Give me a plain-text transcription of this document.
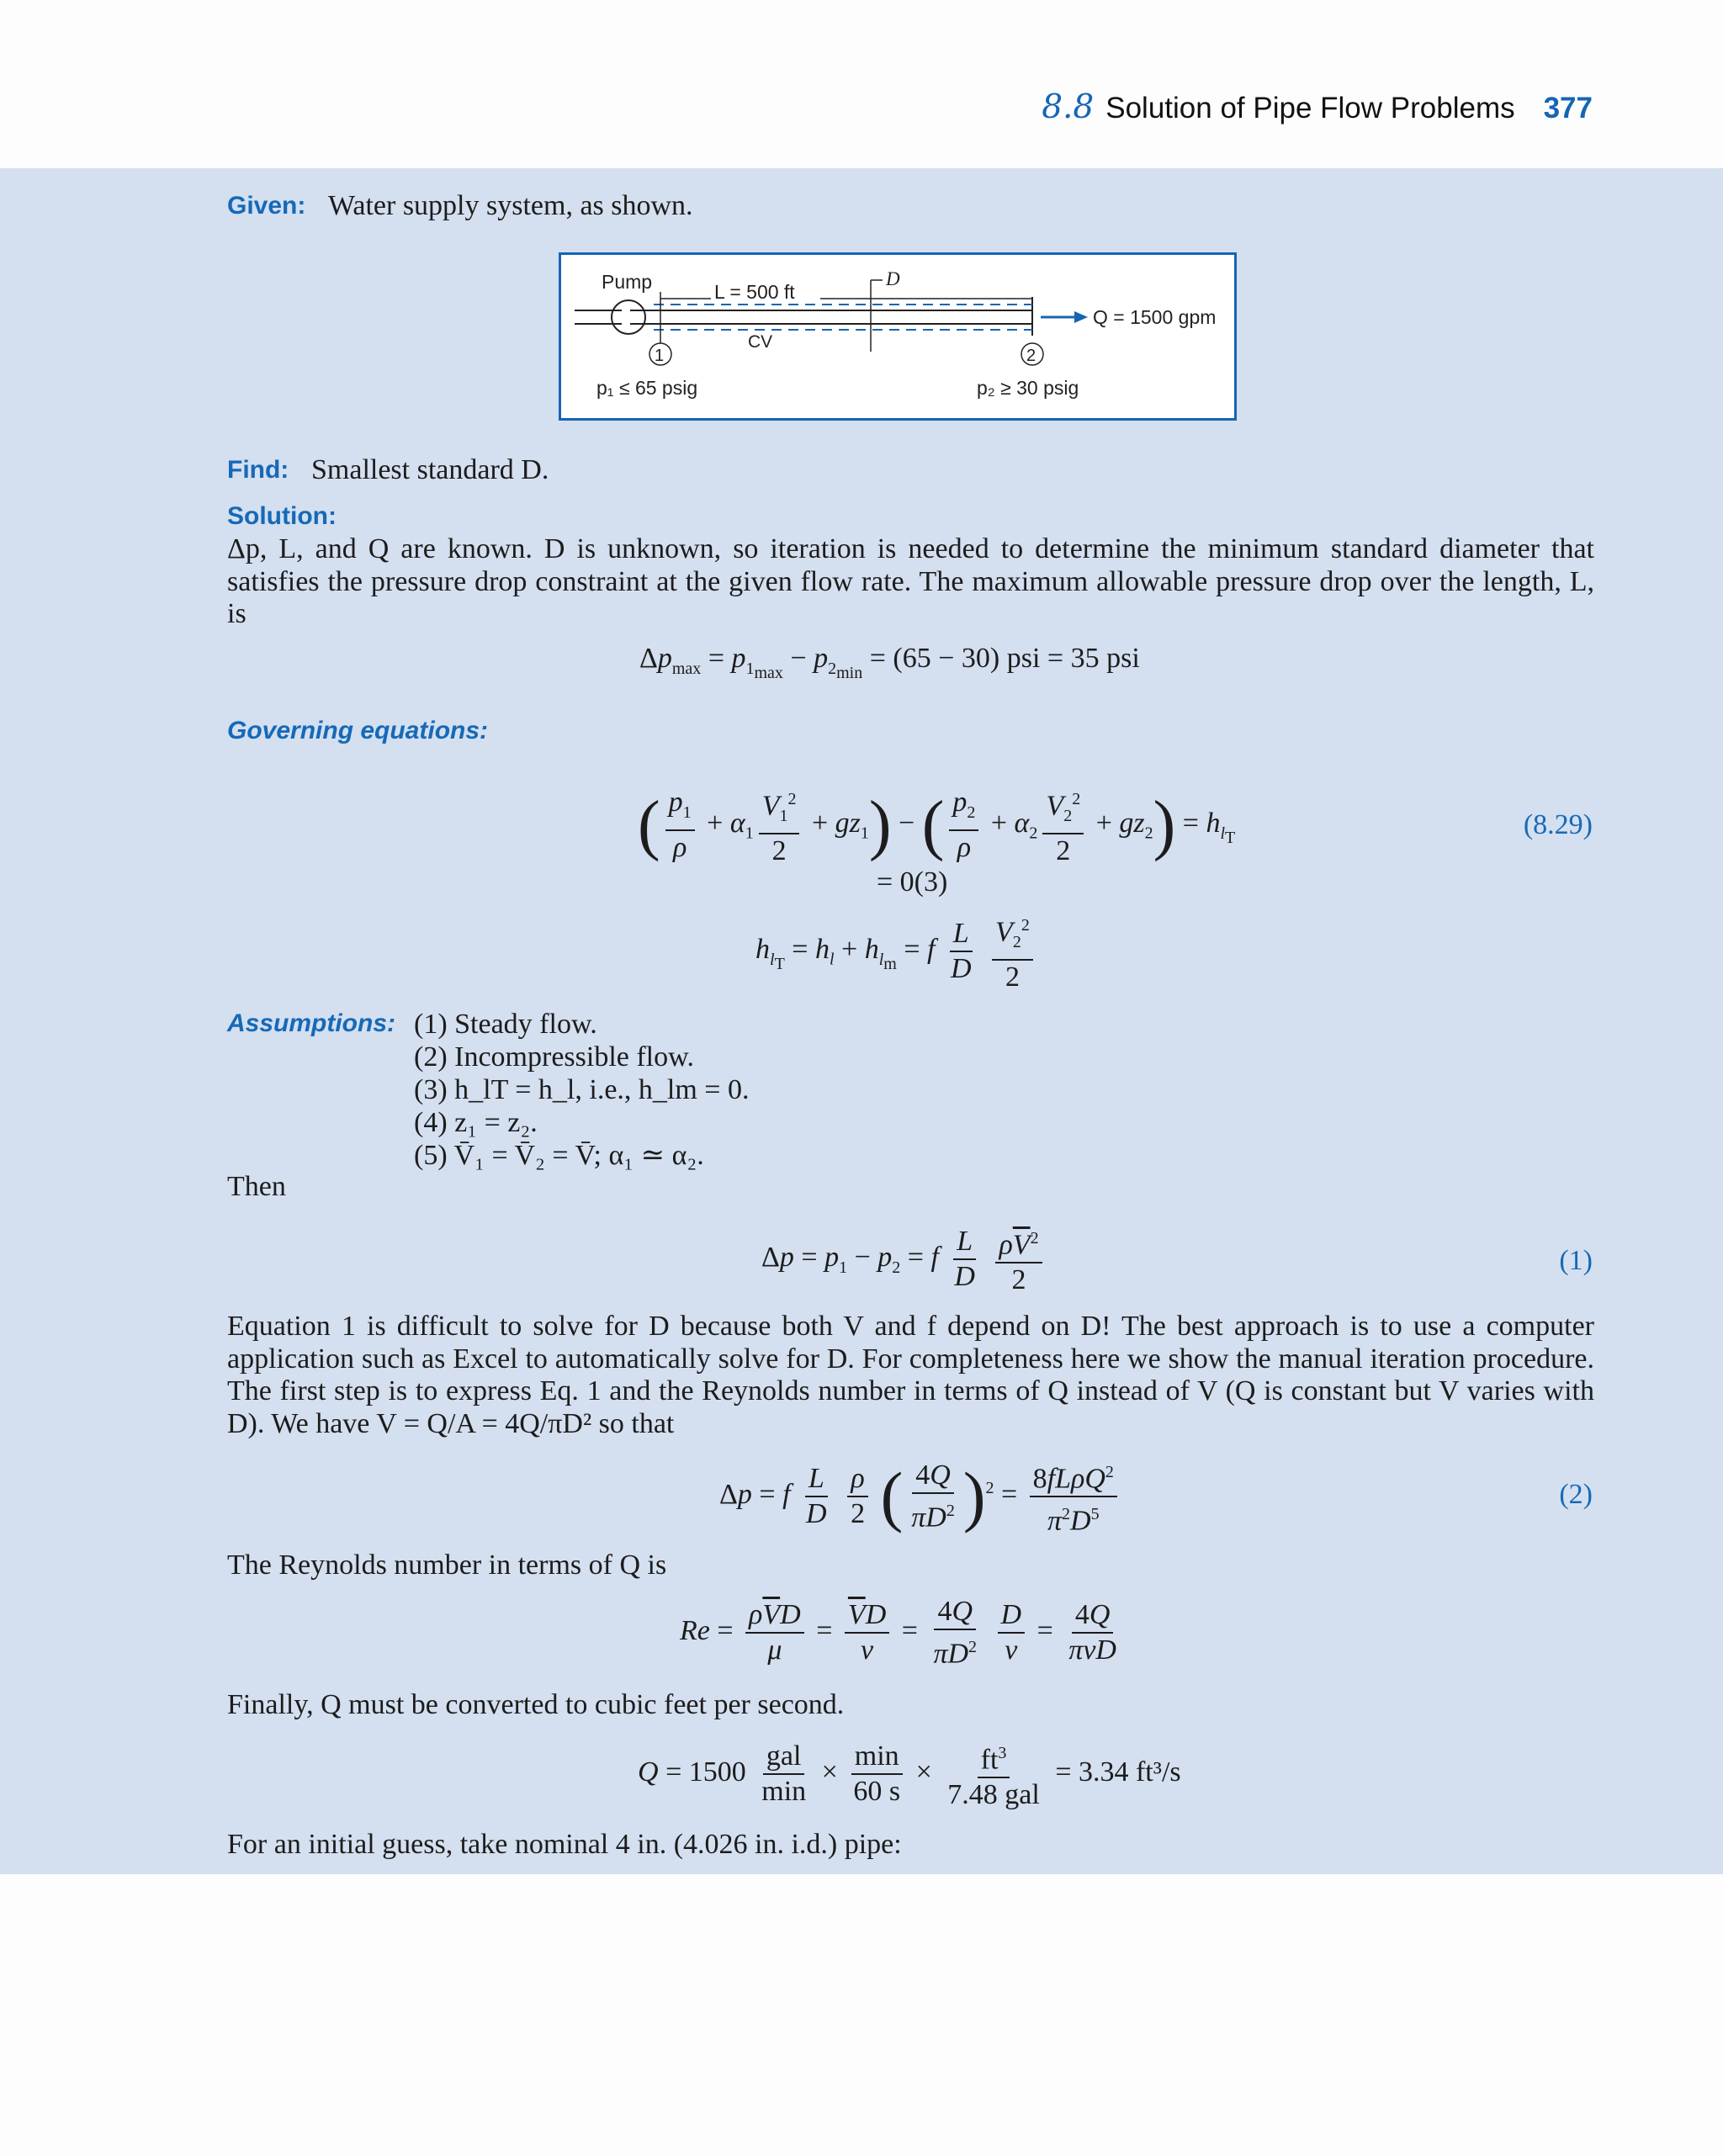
8.8 Solution of Pipe Flow Problems 377
Given: Water supply system, as shown.
L = 500 ft
D
CV
Q = 1500 gpm
1	2
p₁ ≤ 65 psig	p₂ ≥ 30 psig
Pump
Find: Smallest standard D.
Solution:
Δp, L, and Q are known. D is unknown, so iteration is needed to determine the minimum standard diameter that satisfies the pressure drop constraint at the given flow rate. The maximum allowable pressure drop over the length, L, is
$\Delta p_{max} = p_{1_{max}} - p_{2_{min}} = (65 - 30)$ psi = 35 psi
Governing equations:
( $\frac{p_1}{\rho} + \alpha_1 \frac{V_1^2}{2} + gz_1$) − ( $\frac{p_2}{\rho} + \alpha_2 \frac{V_2^2}{2} + gz_2) = h_{l_T}$	(8.29)
= 0(3)
$h_{l_T} = h_l + h_{l_m} = f \frac{L}{D}$
$\frac{V_2^2}{2}$
Assumptions: (1) Steady flow.
(2) Incompressible flow.
(3) h_lT = h_l, i.e., h_lm = 0.
(4) z₁ = z₂.
(5) V̄₁ = V̄₂ = V̄; α₁ ≃ α₂.
Then
$\Delta p = p_1 - p_2 = f \frac{L}{D}$
$\frac{\rho\overline{V}^2}{2}$	(1)
Equation 1 is difficult to solve for D because both V and f depend on D! The best approach is to use a computer application such as Excel to automatically solve for D. For completeness here we show the manual iteration procedure. The first step is to express Eq. 1 and the Reynolds number in terms of Q instead of V (Q is constant but V varies with D). We have V = Q/A = 4Q/πD² so that
Δp = f $\frac{L}{D}$
$\frac{\rho}{2}$ ( $\frac{4Q}{\pi D^2} )^2 = \frac{8fL\rho Q^2}{\pi^2D^5}$	(2)
The Reynolds number in terms of Q is
$Re = \frac{\rho\overline{V}D}{\mu} = \frac{\overline{V}D}{\nu} = \frac{4Q}{\pi D^2}$
$\frac{D}{\nu} = \frac{4Q}{\text{πνD}}$
Finally, Q must be converted to cubic feet per second.
$Q = 1500 \frac{\text{gal}}{\min} \times \frac{\min}{60 s} \times \frac{ft^3}{\text{7.48 gal}} = 3.34$ ft³/s
For an initial guess, take nominal 4 in. (4.026 in. i.d.) pipe:
